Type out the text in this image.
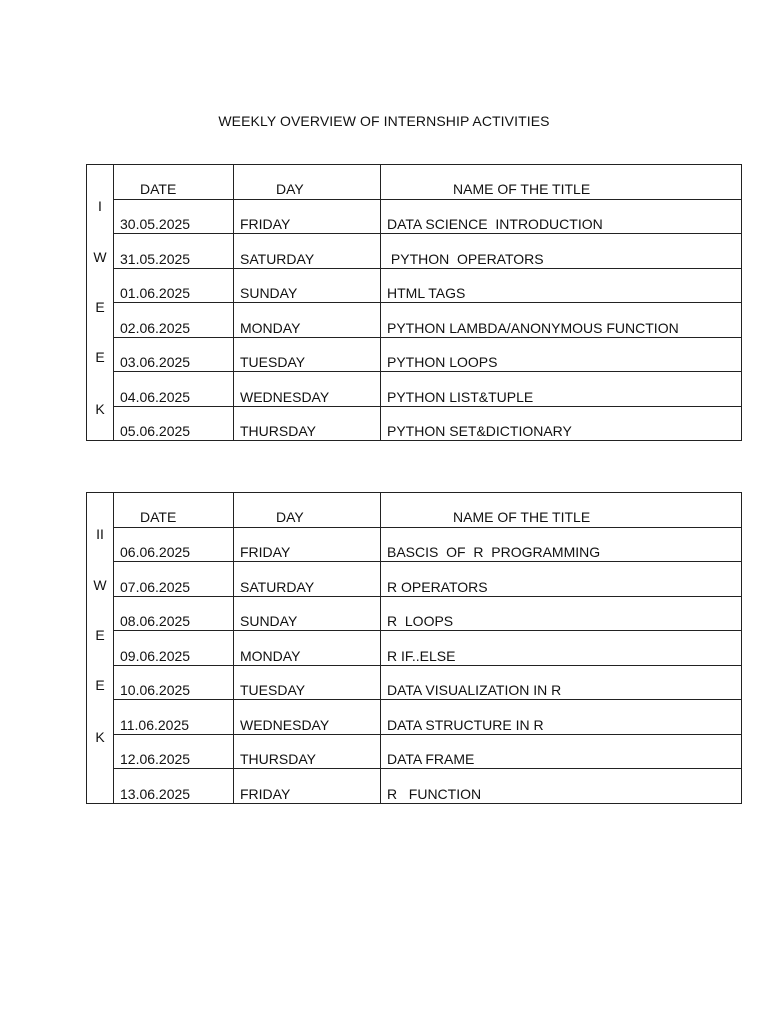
WEEKLY OVERVIEW OF INTERNSHIP ACTIVITIES
I
W
E
E
K	DATE	DAY	NAME OF THE TITLE
	30.05.2025	FRIDAY	DATA SCIENCE  INTRODUCTION
	31.05.2025	SATURDAY	PYTHON  OPERATORS
	01.06.2025	SUNDAY	HTML TAGS
	02.06.2025	MONDAY	PYTHON LAMBDA/ANONYMOUS FUNCTION
	03.06.2025	TUESDAY	PYTHON LOOPS
	04.06.2025	WEDNESDAY	PYTHON LIST&TUPLE
	05.06.2025	THURSDAY	PYTHON SET&DICTIONARY
II
W
E
E
K	DATE	DAY	NAME OF THE TITLE
	06.06.2025	FRIDAY	BASCIS  OF  R  PROGRAMMING
	07.06.2025	SATURDAY	R OPERATORS
	08.06.2025	SUNDAY	R  LOOPS
	09.06.2025	MONDAY	R IF..ELSE
	10.06.2025	TUESDAY	DATA VISUALIZATION IN R
	11.06.2025	WEDNESDAY	DATA STRUCTURE IN R
	12.06.2025	THURSDAY	DATA FRAME
	13.06.2025	FRIDAY	R   FUNCTION
